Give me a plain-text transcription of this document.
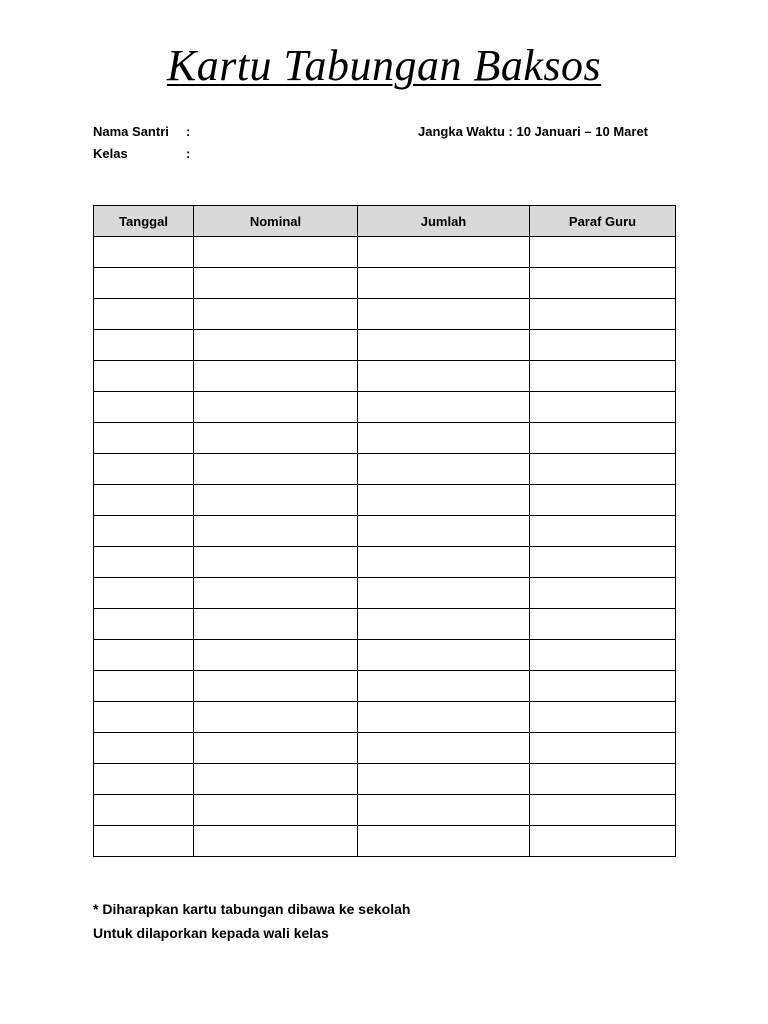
Kartu Tabungan Baksos
Nama Santri :
Kelas	:
Jangka Waktu : 10 Januari – 10 Maret
Tanggal	Nominal	Jumlah	Paraf Guru

* Diharapkan kartu tabungan dibawa ke sekolah
Untuk dilaporkan kepada wali kelas
